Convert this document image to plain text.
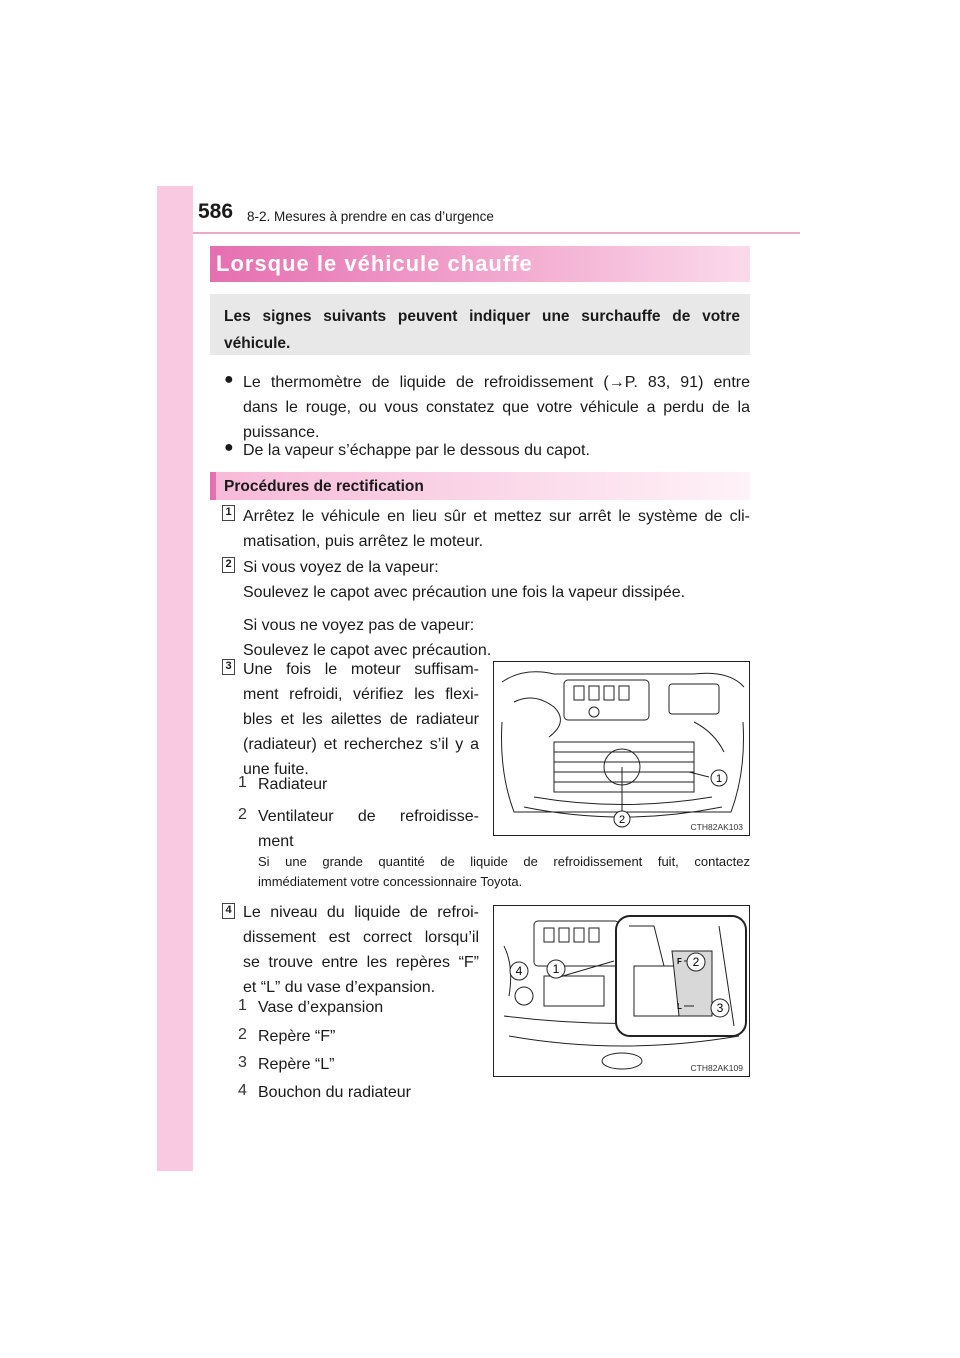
586 8-2. Mesures à prendre en cas d’urgence
Lorsque le véhicule chauffe
Les signes suivants peuvent indiquer une surchauffe de votre véhicule.
● Le thermomètre de liquide de refroidissement (→P. 83, 91) entre
dans le rouge, ou vous constatez que votre véhicule a perdu de la
puissance.
● De la vapeur s’échappe par le dessous du capot.
Procédures de rectification
1 Arrêtez le véhicule en lieu sûr et mettez sur arrêt le système de cli-
matisation, puis arrêtez le moteur.
2 Si vous voyez de la vapeur:
Soulevez le capot avec précaution une fois la vapeur dissipée.
Si vous ne voyez pas de vapeur:
Soulevez le capot avec précaution.
3 Une fois le moteur suffisam-
ment refroidi, vérifiez les flexi-
bles et les ailettes de radiateur
(radiateur) et recherchez s’il y a
une fuite.
1 Radiateur
2 Ventilateur de refroidisse-
ment
Si une grande quantité de liquide de refroidissement fuit, contactez
immédiatement votre concessionnaire Toyota.
1
2
CTH82AK103
4 Le niveau du liquide de refroi-
dissement est correct lorsqu’il
se trouve entre les repères “F”
et “L” du vase d’expansion.
1 Vase d’expansion
2 Repère “F”
3 Repère “L”
4 Bouchon du radiateur
4	1	2
3
F
L
CTH82AK109
